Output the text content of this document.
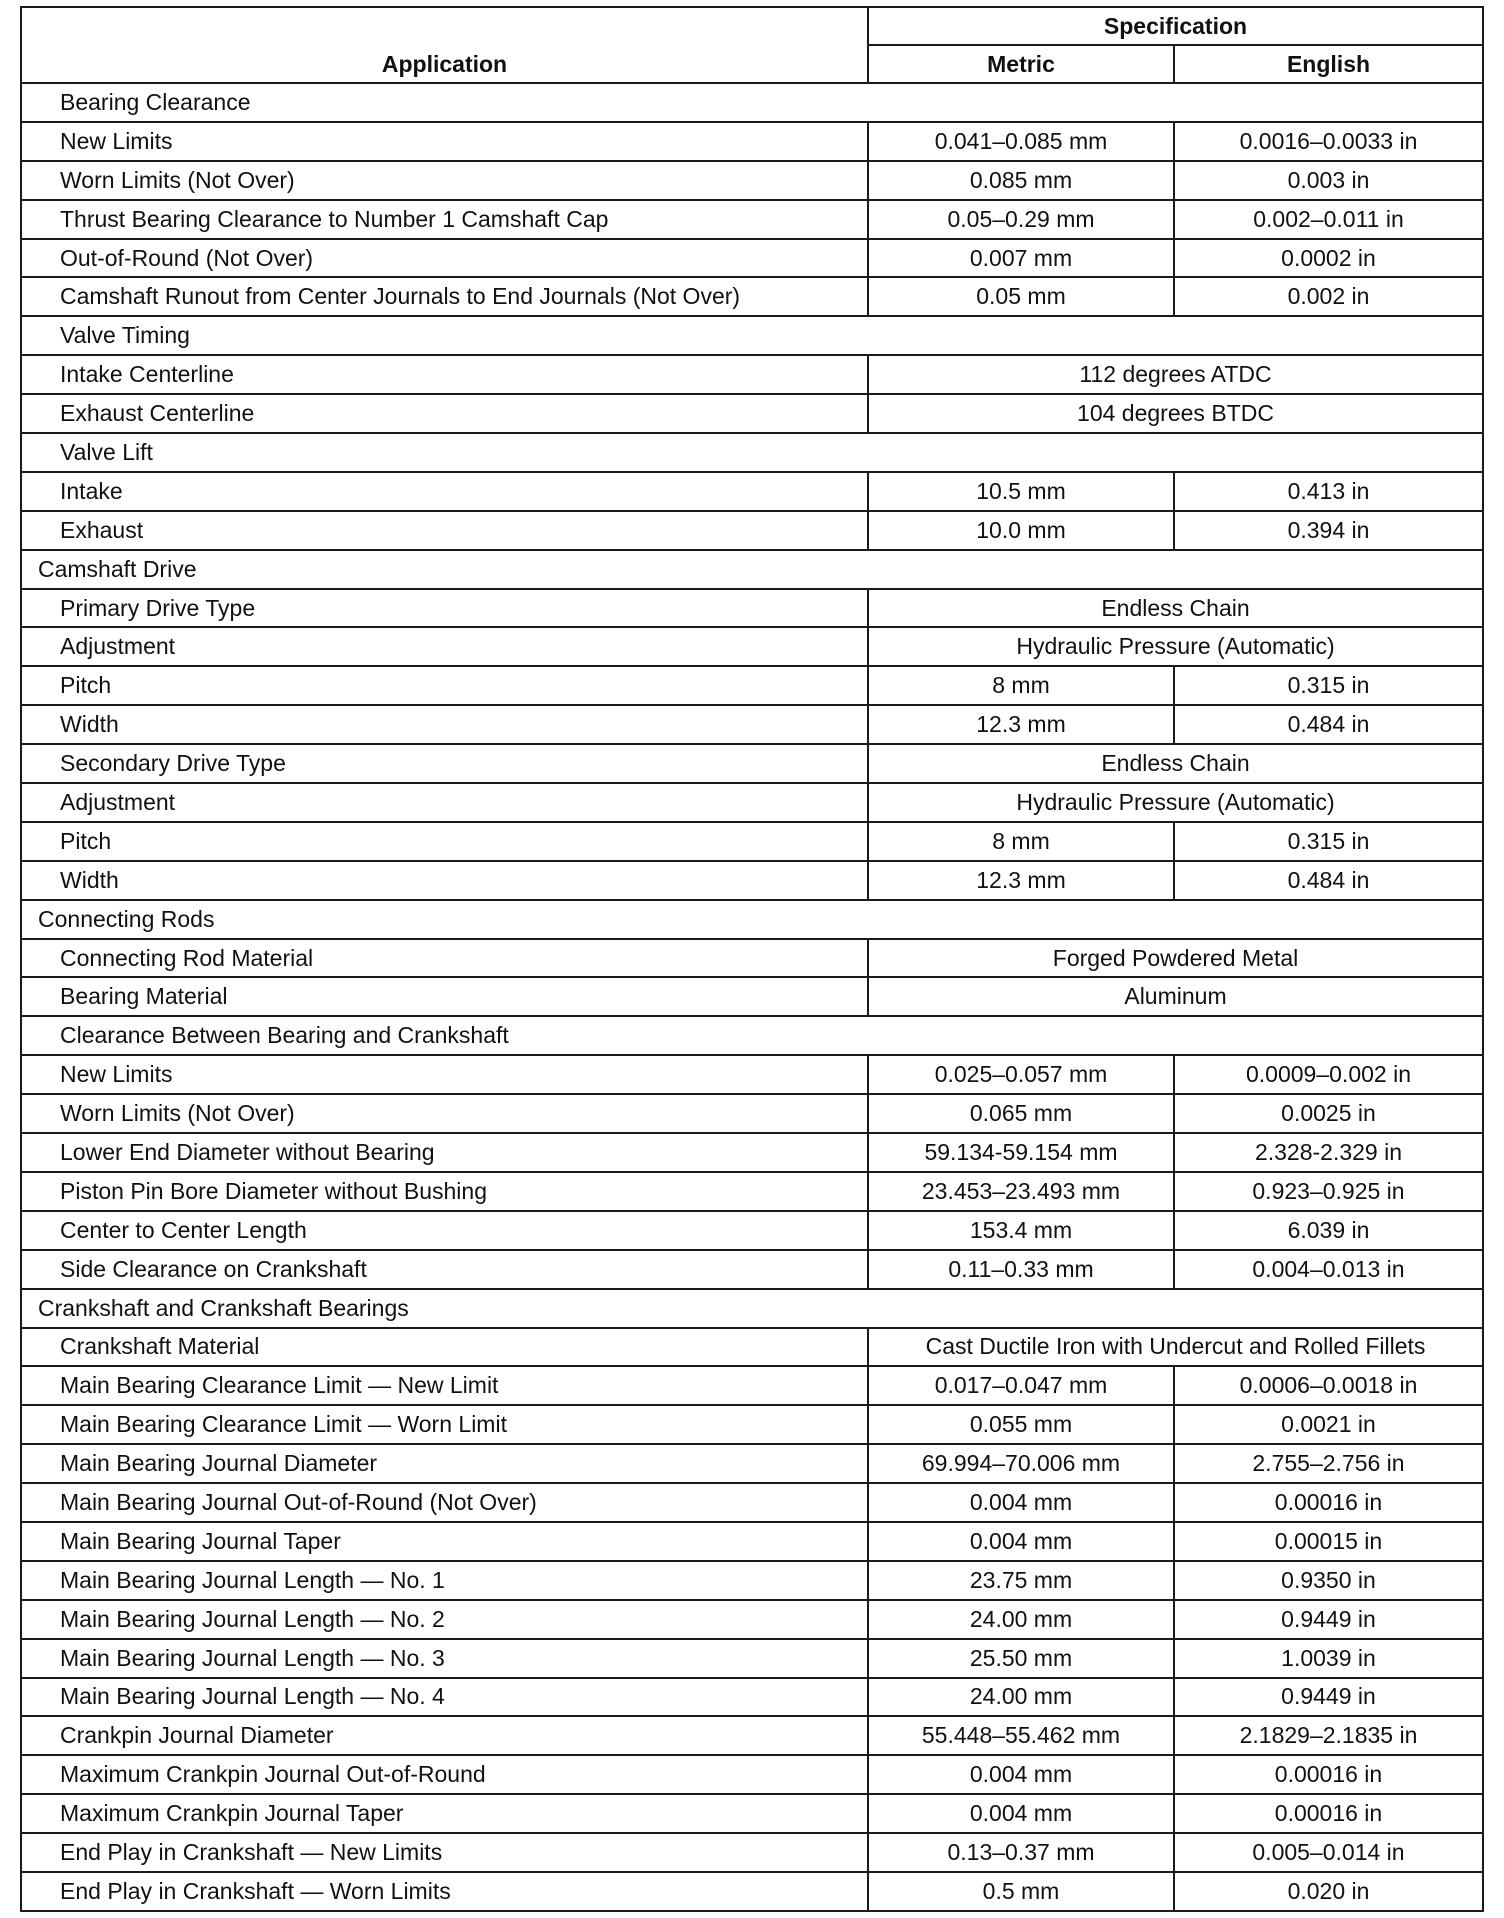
Application	Specification	
	Metric	English
Bearing Clearance		
New Limits	0.041–0.085 mm	0.0016–0.0033 in
Worn Limits (Not Over)	0.085 mm	0.003 in
Thrust Bearing Clearance to Number 1 Camshaft Cap	0.05–0.29 mm	0.002–0.011 in
Out-of-Round (Not Over)	0.007 mm	0.0002 in
Camshaft Runout from Center Journals to End Journals (Not Over)	0.05 mm	0.002 in
Valve Timing		
Intake Centerline	112 degrees ATDC	
Exhaust Centerline	104 degrees BTDC	
Valve Lift		
Intake	10.5 mm	0.413 in
Exhaust	10.0 mm	0.394 in
Camshaft Drive		
Primary Drive Type	Endless Chain	
Adjustment	Hydraulic Pressure (Automatic)	
Pitch	8 mm	0.315 in
Width	12.3 mm	0.484 in
Secondary Drive Type	Endless Chain	
Adjustment	Hydraulic Pressure (Automatic)	
Pitch	8 mm	0.315 in
Width	12.3 mm	0.484 in
Connecting Rods		
Connecting Rod Material	Forged Powdered Metal	
Bearing Material	Aluminum	
Clearance Between Bearing and Crankshaft		
New Limits	0.025–0.057 mm	0.0009–0.002 in
Worn Limits (Not Over)	0.065 mm	0.0025 in
Lower End Diameter without Bearing	59.134-59.154 mm	2.328-2.329 in
Piston Pin Bore Diameter without Bushing	23.453–23.493 mm	0.923–0.925 in
Center to Center Length	153.4 mm	6.039 in
Side Clearance on Crankshaft	0.11–0.33 mm	0.004–0.013 in
Crankshaft and Crankshaft Bearings		
Crankshaft Material	Cast Ductile Iron with Undercut and Rolled Fillets	
Main Bearing Clearance Limit — New Limit	0.017–0.047 mm	0.0006–0.0018 in
Main Bearing Clearance Limit — Worn Limit	0.055 mm	0.0021 in
Main Bearing Journal Diameter	69.994–70.006 mm	2.755–2.756 in
Main Bearing Journal Out-of-Round (Not Over)	0.004 mm	0.00016 in
Main Bearing Journal Taper	0.004 mm	0.00015 in
Main Bearing Journal Length — No. 1	23.75 mm	0.9350 in
Main Bearing Journal Length — No. 2	24.00 mm	0.9449 in
Main Bearing Journal Length — No. 3	25.50 mm	1.0039 in
Main Bearing Journal Length — No. 4	24.00 mm	0.9449 in
Crankpin Journal Diameter	55.448–55.462 mm	2.1829–2.1835 in
Maximum Crankpin Journal Out-of-Round	0.004 mm	0.00016 in
Maximum Crankpin Journal Taper	0.004 mm	0.00016 in
End Play in Crankshaft — New Limits	0.13–0.37 mm	0.005–0.014 in
End Play in Crankshaft — Worn Limits	0.5 mm	0.020 in
